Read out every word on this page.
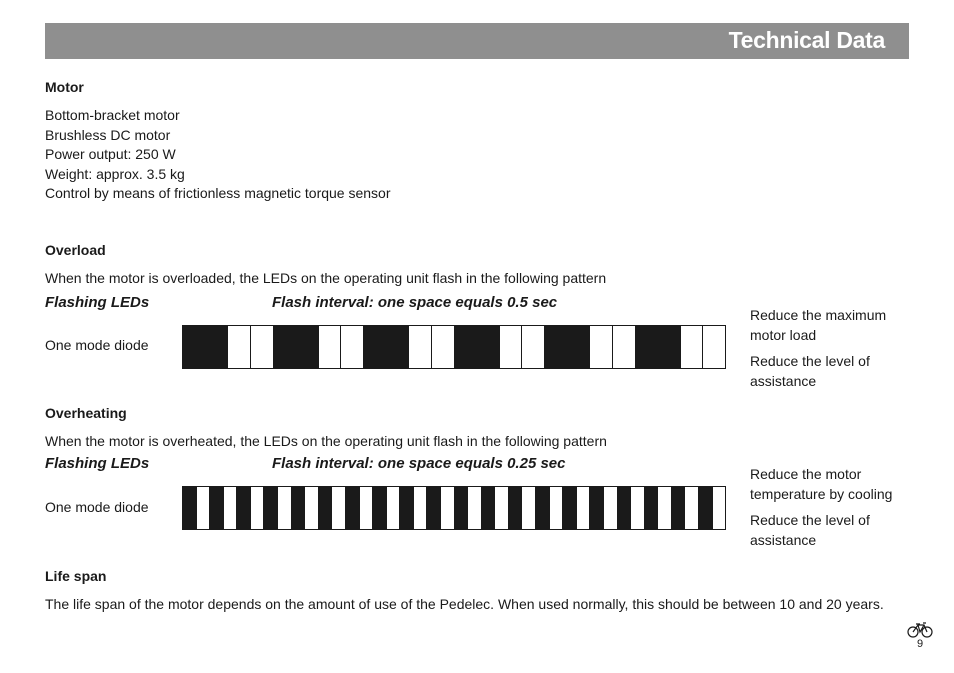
Technical Data
Motor
Bottom-bracket motor
Brushless DC motor
Power output: 250 W
Weight: approx. 3.5 kg
Control by means of frictionless magnetic torque sensor
Overload
When the motor is overloaded, the LEDs on the operating unit flash in the following pattern
Flashing LEDs	Flash interval: one space equals 0.5 sec
One mode diode

Reduce the maximum motor load

Reduce the level of assistance

Overheating
When the motor is overheated, the LEDs on the operating unit flash in the following pattern
Flashing LEDs	Flash interval: one space equals 0.25 sec
One mode diode

Reduce the motor temperature by cooling

Reduce the level of assistance

Life span
The life span of the motor depends on the amount of use of the Pedelec. When used normally, this should be between 10 and 20 years.
9
